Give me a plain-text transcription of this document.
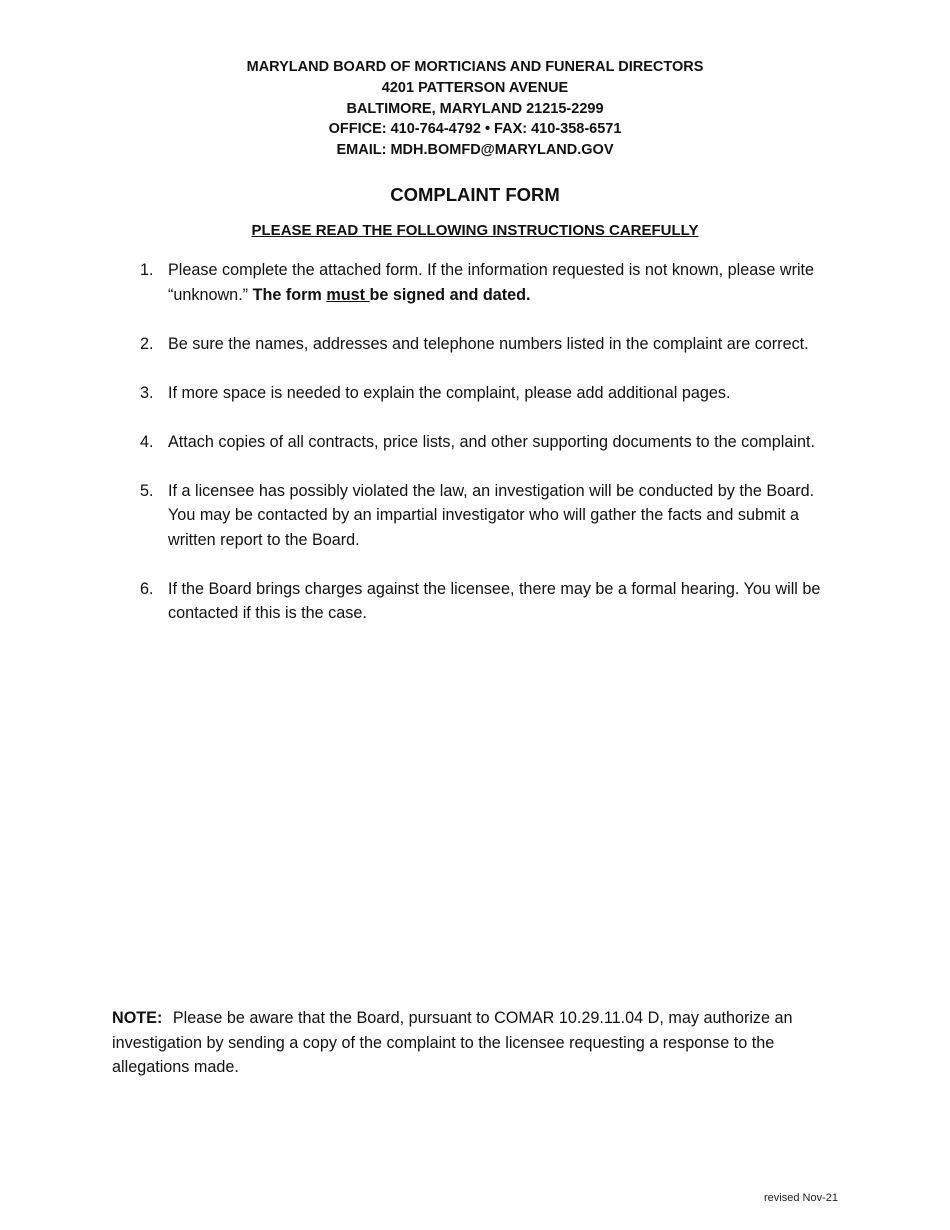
MARYLAND BOARD OF MORTICIANS AND FUNERAL DIRECTORS
4201 PATTERSON AVENUE
BALTIMORE, MARYLAND 21215-2299
OFFICE: 410-764-4792 • FAX: 410-358-6571
EMAIL: MDH.BOMFD@MARYLAND.GOV
COMPLAINT FORM
PLEASE READ THE FOLLOWING INSTRUCTIONS CAREFULLY
1. Please complete the attached form. If the information requested is not known, please write “unknown.” The form must be signed and dated.
2. Be sure the names, addresses and telephone numbers listed in the complaint are correct.
3. If more space is needed to explain the complaint, please add additional pages.
4. Attach copies of all contracts, price lists, and other supporting documents to the complaint.
5. If a licensee has possibly violated the law, an investigation will be conducted by the Board. You may be contacted by an impartial investigator who will gather the facts and submit a written report to the Board.
6. If the Board brings charges against the licensee, there may be a formal hearing. You will be contacted if this is the case.
NOTE: Please be aware that the Board, pursuant to COMAR 10.29.11.04 D, may authorize an investigation by sending a copy of the complaint to the licensee requesting a response to the allegations made.
revised Nov-21
